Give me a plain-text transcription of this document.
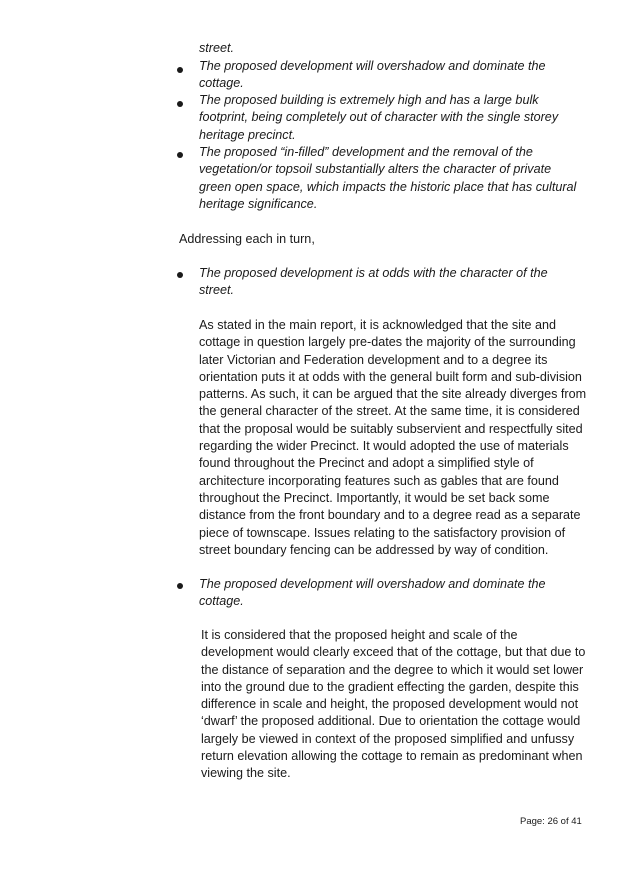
street.

The proposed development will overshadow and dominate the

cottage.

The proposed building is extremely high and has a large bulk

footprint, being completely out of character with the single storey

heritage precinct.

The proposed “in-filled” development and the removal of the

vegetation/or topsoil substantially alters the character of private

green open space, which impacts the historic place that has cultural

heritage significance.

Addressing each in turn,

The proposed development is at odds with the character of the

street.

As stated in the main report, it is acknowledged that the site and

cottage in question largely pre-dates the majority of the surrounding

later Victorian and Federation development and to a degree its

orientation puts it at odds with the general built form and sub-division

patterns. As such, it can be argued that the site already diverges from

the general character of the street. At the same time, it is considered

that the proposal would be suitably subservient and respectfully sited

regarding the wider Precinct. It would adopted the use of materials

found throughout the Precinct and adopt a simplified style of

architecture incorporating features such as gables that are found

throughout the Precinct. Importantly, it would be set back some

distance from the front boundary and to a degree read as a separate

piece of townscape. Issues relating to the satisfactory provision of

street boundary fencing can be addressed by way of condition.

The proposed development will overshadow and dominate the

cottage.

It is considered that the proposed height and scale of the

development would clearly exceed that of the cottage, but that due to

the distance of separation and the degree to which it would set lower

into the ground due to the gradient effecting the garden, despite this

difference in scale and height, the proposed development would not

‘dwarf’ the proposed additional. Due to orientation the cottage would

largely be viewed in context of the proposed simplified and unfussy

return elevation allowing the cottage to remain as predominant when

viewing the site.

Page: 26 of 41
